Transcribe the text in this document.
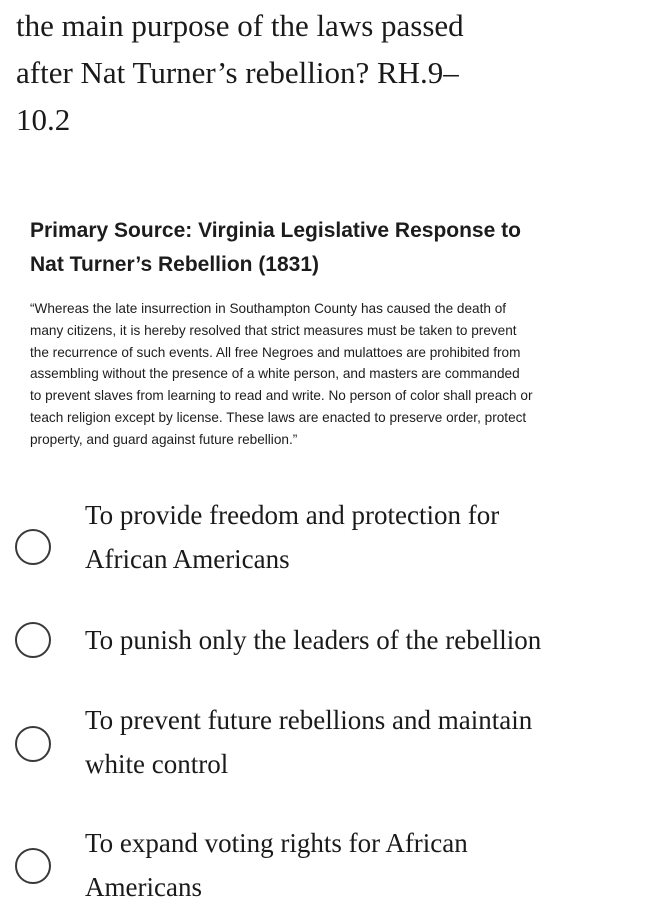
the main purpose of the laws passed
after Nat Turner’s rebellion? RH.9–
10.2

Primary Source: Virginia Legislative Response to
Nat Turner’s Rebellion (1831)

“Whereas the late insurrection in Southampton County has caused the death of
many citizens, it is hereby resolved that strict measures must be taken to prevent
the recurrence of such events. All free Negroes and mulattoes are prohibited from
assembling without the presence of a white person, and masters are commanded
to prevent slaves from learning to read and write. No person of color shall preach or
teach religion except by license. These laws are enacted to preserve order, protect
property, and guard against future rebellion.”

To provide freedom and protection for
African Americans
To punish only the leaders of the rebellion
To prevent future rebellions and maintain
white control
To expand voting rights for African
Americans
